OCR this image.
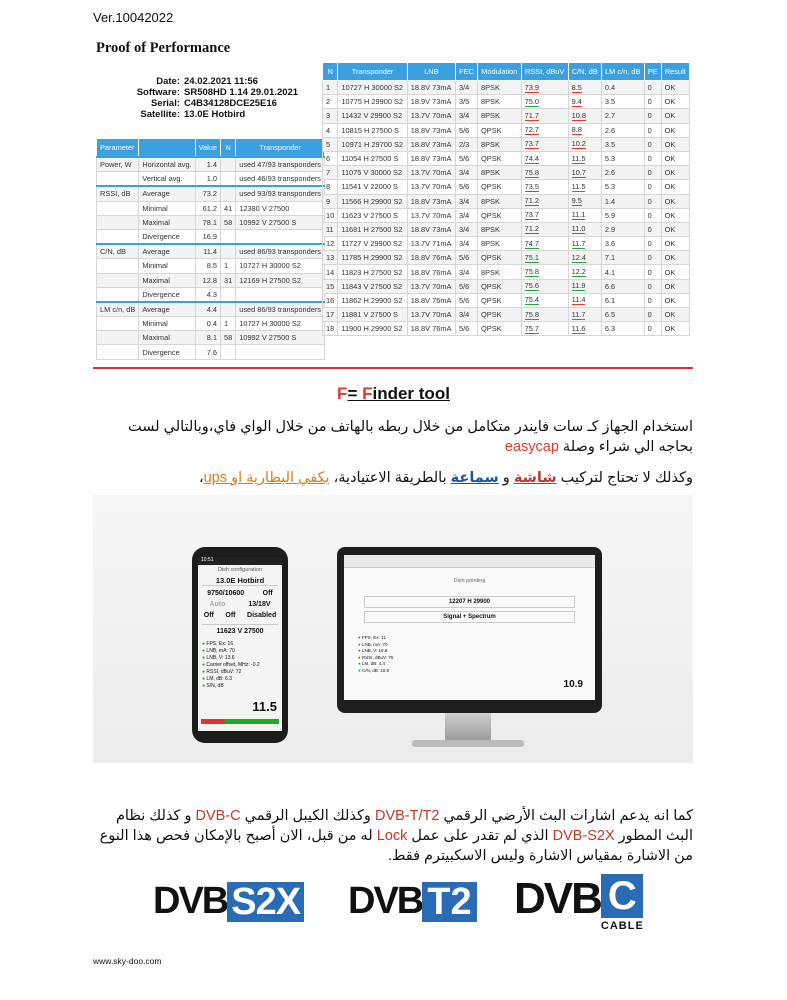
Ver.10042022
Proof of Performance
Date: 24.02.2021 11:56
Software: SR508HD 1.14 29.01.2021
Serial: C4B34128DCE25E16
Satellite: 13.0E Hotbird
Parameter		Value	N	Transponder
Power, W	Horizontal avg.	1.4		used 47/93 transponders
	Vertical avg.	1.0		used 46/93 transponders
RSSI, dB	Average	73.2		used 93/93 transponders
	Minimal	61.2	41	12380 V 27500
	Maximal	78.1	58	10992 V 27500 S
	Divergence	16.9		
C/N, dB	Average	11.4		used 86/93 transponders
	Minimal	8.5	1	10727 H 30000 S2
	Maximal	12.8	31	12169 H 27500 S2
	Divergence	4.3		
LM c/n, dB	Average	4.4		used 86/93 transponders
	Minimal	0.4	1	10727 H 30000 S2
	Maximal	8.1	58	10992 V 27500 S
	Divergence	7.6		
N	Transponder	LNB	FEC	Modulation	RSSI, dBuV	C/N, dB	LM c/n, dB	PE	Result
1	10727 H 30000 S2	18.8V 73mA	3/4	8PSK	73.9	8.5	0.4	0	OK
2	10775 H 29900 S2	18.9V 73mA	3/5	8PSK	75.0	9.4	3.5	0	OK
3	11432 V 29900 S2	13.7V 70mA	3/4	8PSK	71.7	10.8	2.7	0	OK
4	10815 H 27500 S	18.8V 73mA	5/6	QPSK	72.7	8.8	2.6	0	OK
5	10971 H 29700 S2	18.8V 73mA	2/3	8PSK	73.7	10.2	3.5	0	OK
6	11054 H 27500 S	18.8V 73mA	5/6	QPSK	74.4	11.5	5.3	0	OK
7	11075 V 30000 S2	13.7V 70mA	3/4	8PSK	75.8	10.7	2.6	0	OK
8	11541 V 22000 S	13.7V 70mA	5/6	QPSK	73.5	11.5	5.3	0	OK
9	11566 H 29900 S2	18.8V 73mA	3/4	8PSK	71.2	9.5	1.4	0	OK
10	11623 V 27500 S	13.7V 70mA	3/4	QPSK	73.7	11.1	5.9	0	OK
11	11681 H 27500 S2	18.8V 73mA	3/4	8PSK	71.2	11.0	2.9	0	OK
12	11727 V 29900 S2	13.7V 71mA	3/4	8PSK	74.7	11.7	3.6	0	OK
13	11785 H 29900 S2	18.8V 76mA	5/6	QPSK	75.1	12.4	7.1	0	OK
14	11823 H 27500 S2	18.8V 76mA	3/4	8PSK	75.8	12.2	4.1	0	OK
15	11843 V 27500 S2	13.7V 70mA	5/6	QPSK	75.6	11.9	6.6	0	OK
16	11862 H 29900 S2	18.8V 76mA	5/6	QPSK	75.4	11.4	6.1	0	OK
17	11881 V 27500 S	13.7V 70mA	3/4	QPSK	75.8	11.7	6.5	0	OK
18	11900 H 29900 S2	18.8V 76mA	5/6	QPSK	75.7	11.6	6.3	0	OK
F= Finder tool
استخدام الجهاز كـ سات فايندر متكامل من خلال ربطه بالهاتف من خلال الواي فاي،وبالتالي لست بحاجه الي شراء وصلة easycap
وكذلك لا تحتاج لتركيب شاشة و سماعة بالطريقة الاعتيادية، يكفي البطارية او ups،
10:51
Dish configuration
13.0E Hotbird
9750/10600	Off
Auto	13/18V
Off Off Disabled
11623 V 27500
● FPS, Ex: 16
● LNB, mA: 70
● LNB, V: 13.6
● Carrier offset, MHz: -0.2
● RSSI, dBuV: 72
● LM, dB: 6.3
● S/N, dB
11.5
Dish pointing
12207 H 29900
Signal + Spectrum
● FPS, Ex: 11
● LNB, mA: 70
● LNB, V: 18.8
● RSSI, dBuV: 75
● LM, dB: 4.4
● C/N, dB: 10.9
10.9
كما انه يدعم اشارات البث الأرضي الرقمي DVB-T/T2 وكذلك الكيبل الرقمي DVB-C و كذلك نظام البث المطور DVB-S2X الذي لم تقدر على عمل Lock له من قبل، الان أصبح بالإمكان فحص هذا النوع من الاشارة بمقياس الاشارة وليس الاسكبيترم فقط.
DVB S2X DVB T2 DVB C
CABLE
www.sky-doo.com
